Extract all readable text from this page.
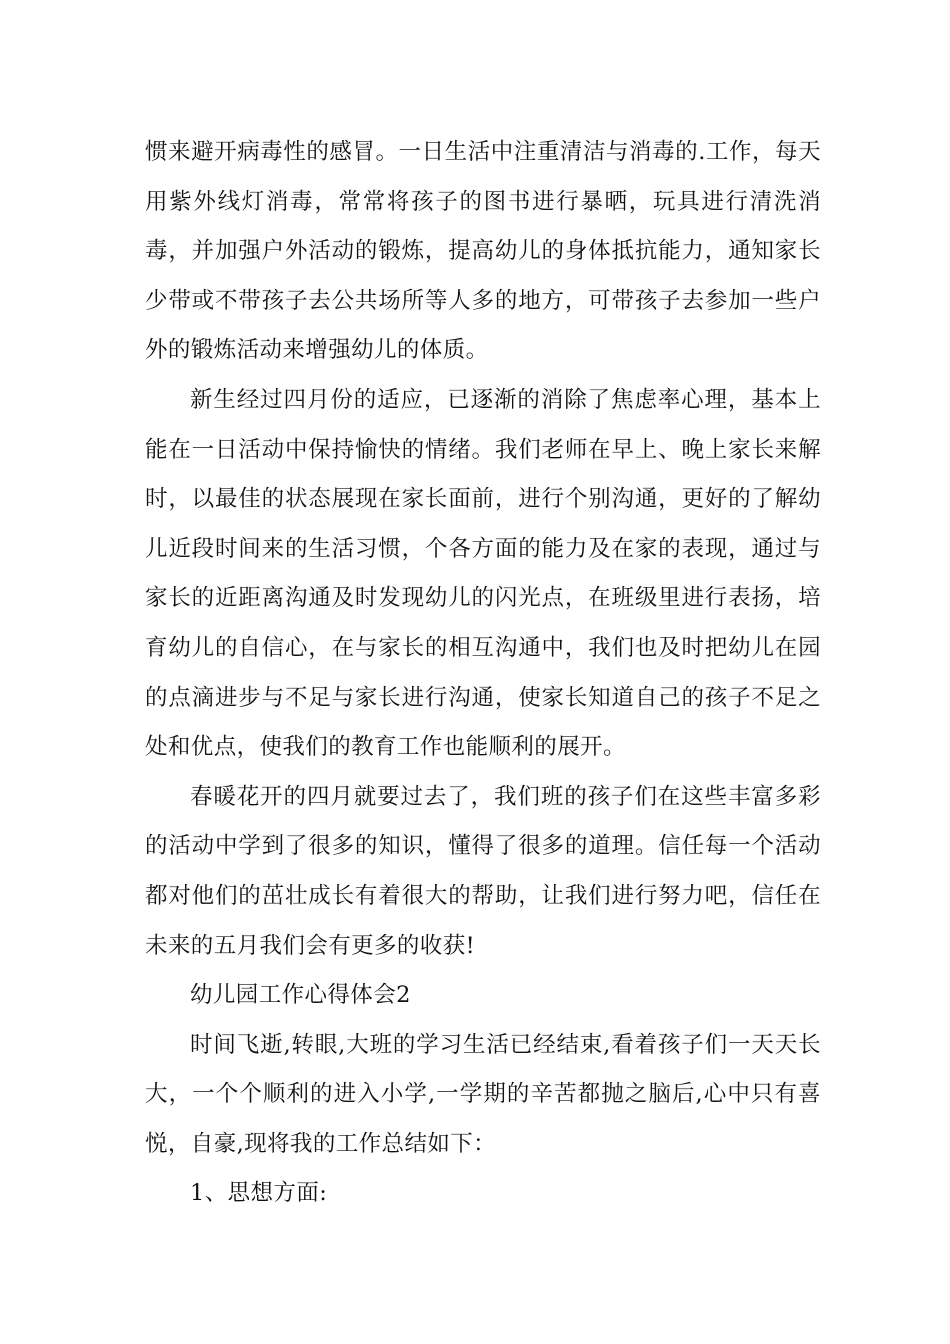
惯来避开病毒性的感冒。一日生活中注重清洁与消毒的.工作，每天用紫外线灯消毒，常常将孩子的图书进行暴晒，玩具进行清洗消毒，并加强户外活动的锻炼，提高幼儿的身体抵抗能力，通知家长少带或不带孩子去公共场所等人多的地方，可带孩子去参加一些户外的锻炼活动来增强幼儿的体质。

新生经过四月份的适应，已逐渐的消除了焦虑率心理，基本上能在一日活动中保持愉快的情绪。我们老师在早上、晚上家长来解时，以最佳的状态展现在家长面前，进行个别沟通，更好的了解幼儿近段时间来的生活习惯，个各方面的能力及在家的表现，通过与家长的近距离沟通及时发现幼儿的闪光点，在班级里进行表扬，培育幼儿的自信心，在与家长的相互沟通中，我们也及时把幼儿在园的点滴进步与不足与家长进行沟通，使家长知道自己的孩子不足之处和优点，使我们的教育工作也能顺利的展开。

春暖花开的四月就要过去了，我们班的孩子们在这些丰富多彩的活动中学到了很多的知识，懂得了很多的道理。信任每一个活动都对他们的茁壮成长有着很大的帮助，让我们进行努力吧，信任在未来的五月我们会有更多的收获!

幼儿园工作心得体会2

时间飞逝,转眼,大班的学习生活已经结束,看着孩子们一天天长大，一个个顺利的进入小学,一学期的辛苦都抛之脑后,心中只有喜悦，自豪,现将我的工作总结如下：

1、思想方面:
